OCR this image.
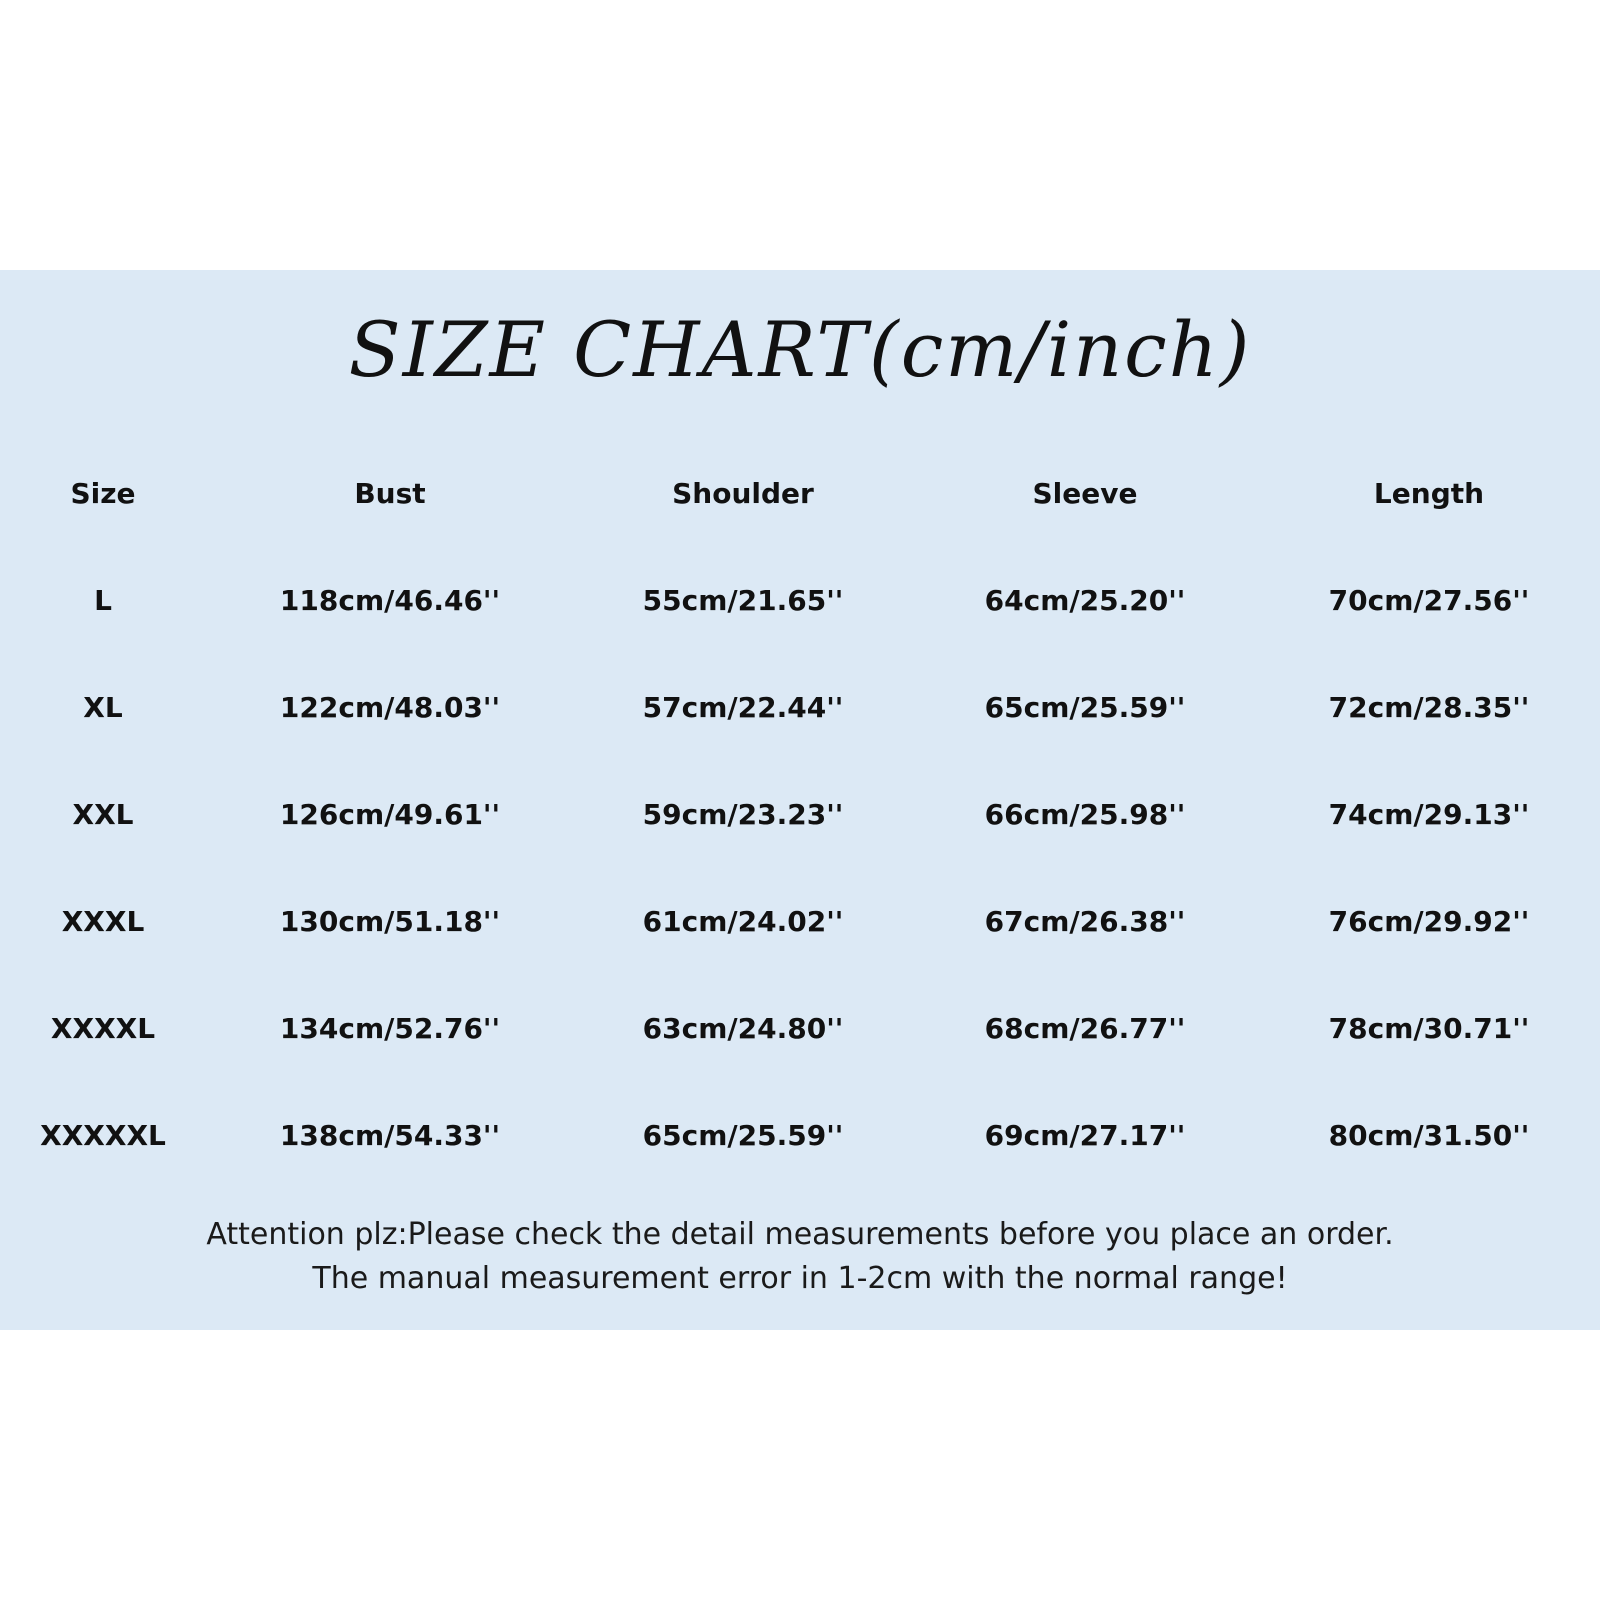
SIZE CHART(cm/inch)
Size	Bust	Shoulder	Sleeve	Length
L	118cm/46.46''	55cm/21.65''	64cm/25.20''	70cm/27.56''
XL	122cm/48.03''	57cm/22.44''	65cm/25.59''	72cm/28.35''
XXL	126cm/49.61''	59cm/23.23''	66cm/25.98''	74cm/29.13''
XXXL	130cm/51.18''	61cm/24.02''	67cm/26.38''	76cm/29.92''
XXXXL	134cm/52.76''	63cm/24.80''	68cm/26.77''	78cm/30.71''
XXXXXL	138cm/54.33''	65cm/25.59''	69cm/27.17''	80cm/31.50''
Attention plz:Please check the detail measurements before you place an order.
The manual measurement error in 1-2cm with the normal range!
